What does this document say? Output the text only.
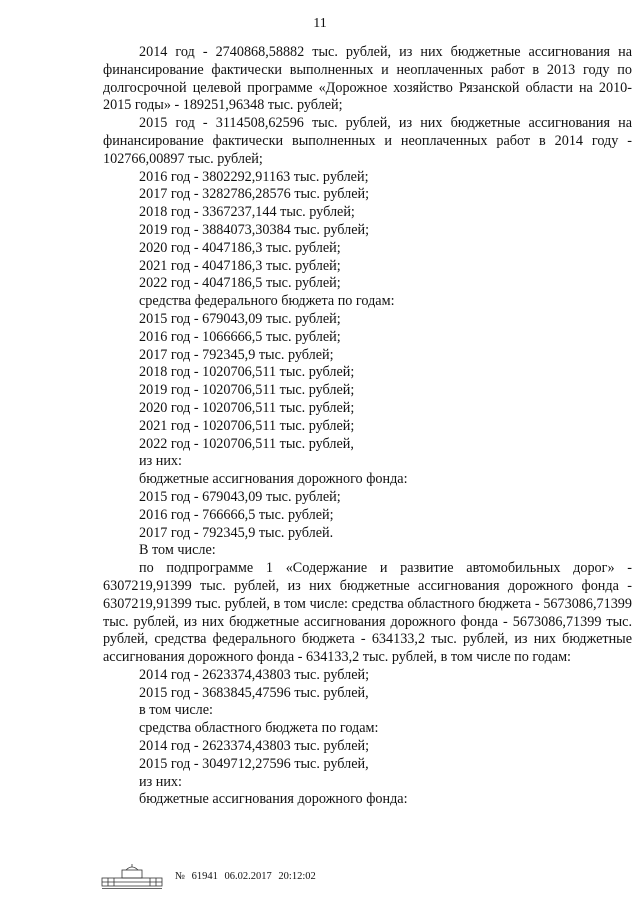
11

2014 год - 2740868,58882 тыс. рублей, из них бюджетные ассигнования на финансирование фактически выполненных и неоплаченных работ в 2013 году по долгосрочной целевой программе «Дорожное хозяйство Рязанской области на 2010-2015 годы» - 189251,96348 тыс. рублей;

2015 год - 3114508,62596 тыс. рублей, из них бюджетные ассигнования на финансирование фактически выполненных и неоплаченных работ в 2014 году - 102766,00897 тыс. рублей;

2016 год - 3802292,91163 тыс. рублей;

2017 год - 3282786,28576 тыс. рублей;

2018 год - 3367237,144 тыс. рублей;

2019 год - 3884073,30384 тыс. рублей;

2020 год - 4047186,3 тыс. рублей;

2021 год - 4047186,3 тыс. рублей;

2022 год - 4047186,5 тыс. рублей;

средства федерального бюджета по годам:

2015 год - 679043,09 тыс. рублей;

2016 год - 1066666,5 тыс. рублей;

2017 год - 792345,9 тыс. рублей;

2018 год - 1020706,511 тыс. рублей;

2019 год - 1020706,511 тыс. рублей;

2020 год - 1020706,511 тыс. рублей;

2021 год - 1020706,511 тыс. рублей;

2022 год - 1020706,511 тыс. рублей,

из них:

бюджетные ассигнования дорожного фонда:

2015 год - 679043,09 тыс. рублей;

2016 год - 766666,5 тыс. рублей;

2017 год - 792345,9 тыс. рублей.

В том числе:

по подпрограмме 1 «Содержание и развитие автомобильных дорог» - 6307219,91399 тыс. рублей, из них бюджетные ассигнования дорожного фонда - 6307219,91399 тыс. рублей, в том числе: средства областного бюджета - 5673086,71399 тыс. рублей, из них бюджетные ассигнования дорожного фонда - 5673086,71399 тыс. рублей, средства федерального бюджета - 634133,2 тыс. рублей, из них бюджетные ассигнования дорожного фонда - 634133,2 тыс. рублей, в том числе по годам:

2014 год - 2623374,43803 тыс. рублей;

2015 год - 3683845,47596 тыс. рублей,

в том числе:

средства областного бюджета по годам:

2014 год - 2623374,43803 тыс. рублей;

2015 год - 3049712,27596 тыс. рублей,

из них:

бюджетные ассигнования дорожного фонда:

№ 61941 06.02.2017 20:12:02
